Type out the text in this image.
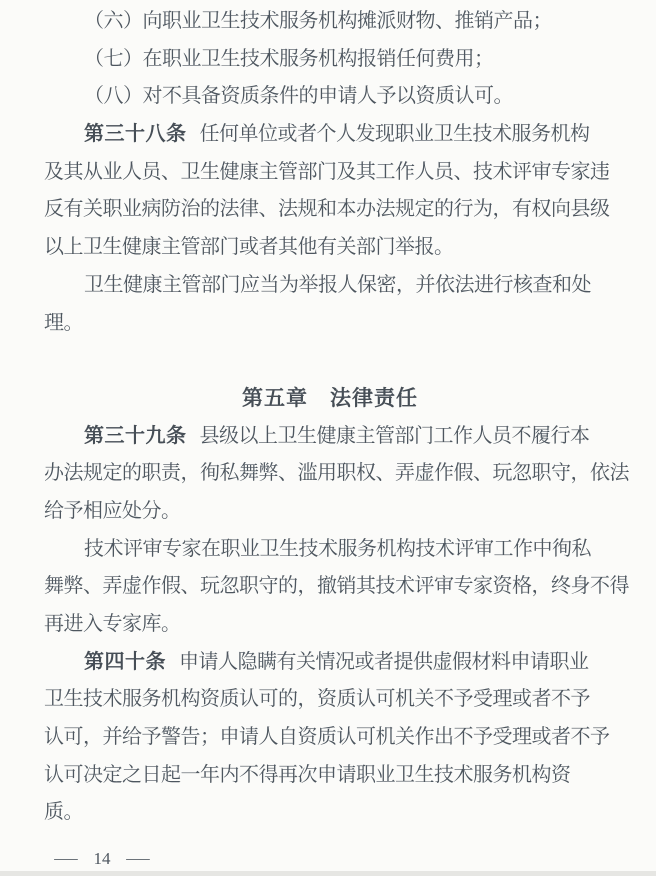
（六）向职业卫生技术服务机构摊派财物、推销产品；
（七）在职业卫生技术服务机构报销任何费用；
（八）对不具备资质条件的申请人予以资质认可。
第三十八条 任何单位或者个人发现职业卫生技术服务机构
及其从业人员、卫生健康主管部门及其工作人员、技术评审专家违
反有关职业病防治的法律、法规和本办法规定的行为，有权向县级
以上卫生健康主管部门或者其他有关部门举报。
卫生健康主管部门应当为举报人保密，并依法进行核查和处
理。
第五章　法律责任
第三十九条 县级以上卫生健康主管部门工作人员不履行本
办法规定的职责，徇私舞弊、滥用职权、弄虚作假、玩忽职守，依法
给予相应处分。
技术评审专家在职业卫生技术服务机构技术评审工作中徇私
舞弊、弄虚作假、玩忽职守的，撤销其技术评审专家资格，终身不得
再进入专家库。
第四十条 申请人隐瞒有关情况或者提供虚假材料申请职业
卫生技术服务机构资质认可的，资质认可机关不予受理或者不予
认可，并给予警告；申请人自资质认可机关作出不予受理或者不予
认可决定之日起一年内不得再次申请职业卫生技术服务机构资
质。
— 14 —
